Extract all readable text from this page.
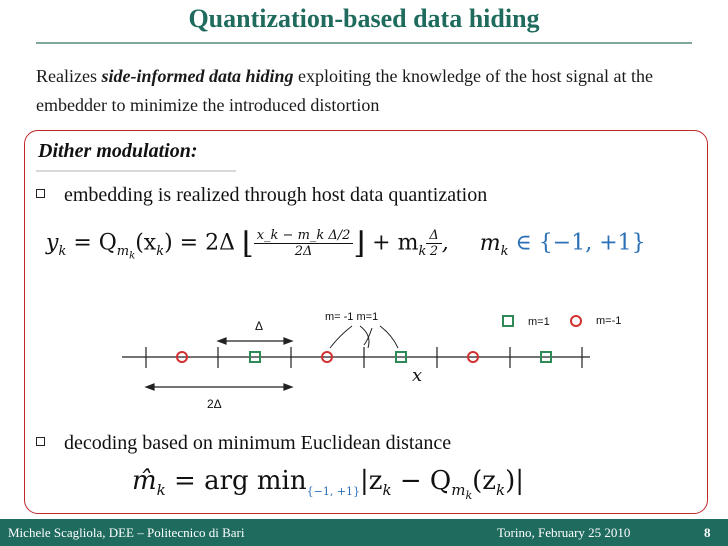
Quantization-based data hiding
Realizes side-informed data hiding exploiting the knowledge of the host signal at the embedder to minimize the introduced distortion
Dither modulation:
embedding is realized through host data quantization
$y_k = Q_{m_k}(x_k) = 2\Delta$ ⌊ $\frac{\text{x\_k − m\_k Δ/2}}{2\Delta}$ ⌋ + $m_k \frac{\Delta}{2}$ , $m_k$ ∈ {−1, +1}
Δ
2Δ
m= -1 m=1
x
m=1	m=-1
decoding based on minimum Euclidean distance
$m̂_k$ = arg $\min_{\{-1, +1\}}|z_k - Q_{m_k}(z_k)|$
Michele Scagliola, DEE – Politecnico di Bari	Torino, February 25 2010	8
